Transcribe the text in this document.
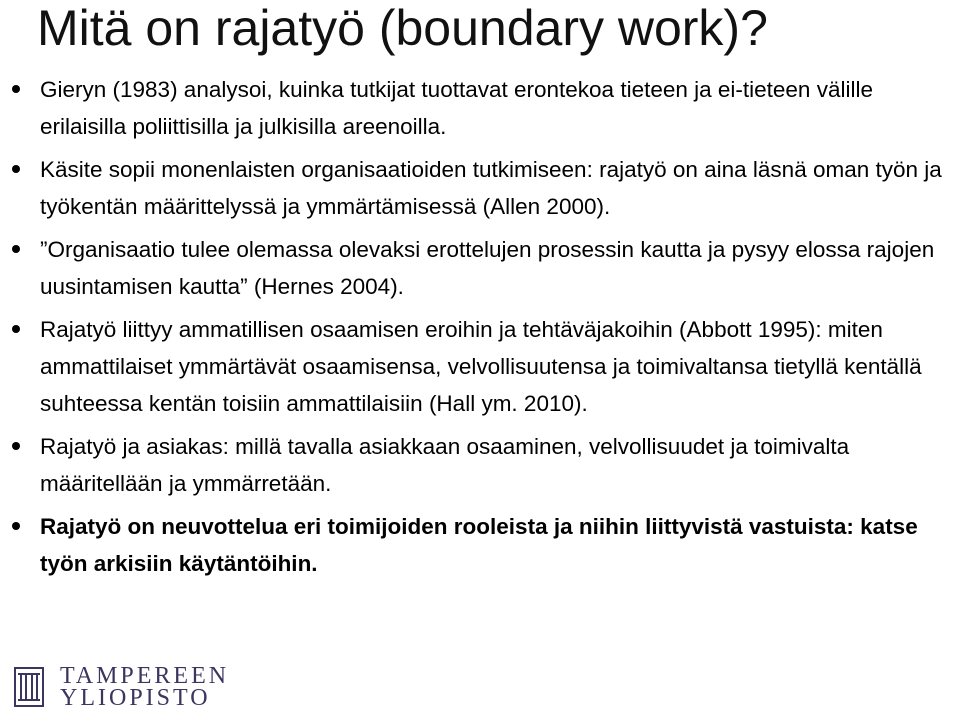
Mitä on rajatyö (boundary work)?
Gieryn (1983) analysoi, kuinka tutkijat tuottavat erontekoa tieteen ja ei-tieteen välille erilaisilla poliittisilla ja julkisilla areenoilla.
Käsite sopii monenlaisten organisaatioiden tutkimiseen: rajatyö on aina läsnä oman työn ja työkentän määrittelyssä ja ymmärtämisessä (Allen 2000).
”Organisaatio tulee olemassa olevaksi erottelujen prosessin kautta ja pysyy elossa rajojen uusintamisen kautta” (Hernes 2004).
Rajatyö liittyy ammatillisen osaamisen eroihin ja tehtäväjakoihin (Abbott 1995): miten ammattilaiset ymmärtävät osaamisensa, velvollisuutensa ja toimivaltansa tietyllä kentällä suhteessa kentän toisiin ammattilaisiin (Hall ym. 2010).
Rajatyö ja asiakas: millä tavalla asiakkaan osaaminen, velvollisuudet ja toimivalta määritellään ja ymmärretään.
Rajatyö on neuvottelua eri toimijoiden rooleista ja niihin liittyvistä vastuista: katse työn arkisiin käytäntöihin.
TAMPEREEN
YLIOPISTO
